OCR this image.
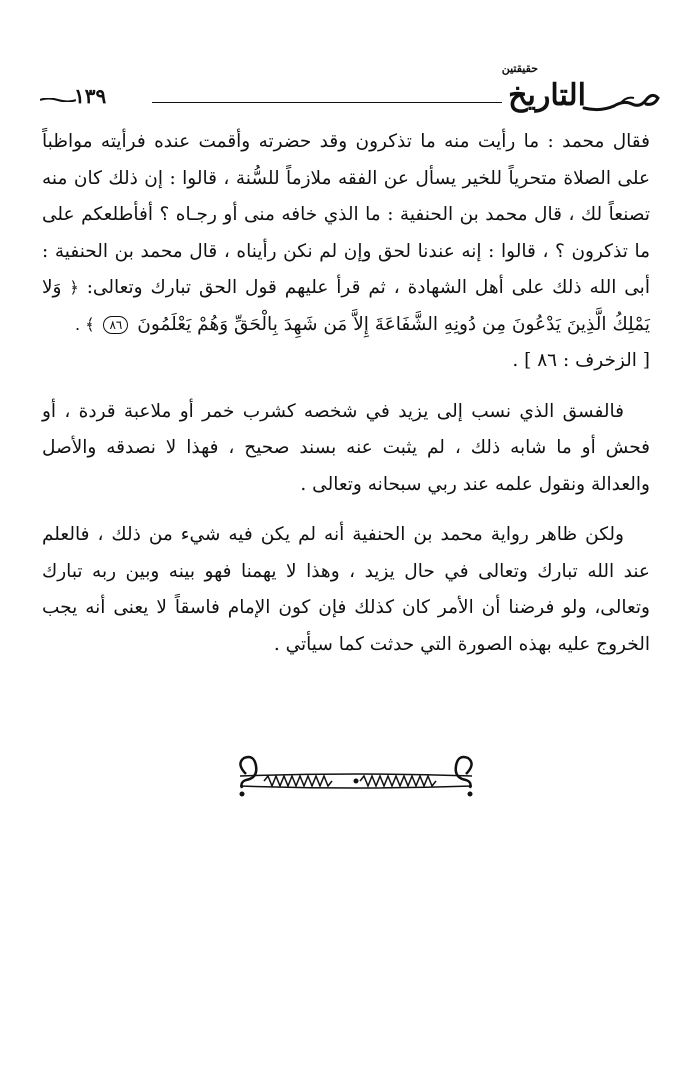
١٣٩
حقيقتين
التاريخ

فقال محمد : ما رأيت منه ما تذكرون وقد حضرته وأقمت عنده فرأيته مواظباً على الصلاة متحرياً للخير يسأل عن الفقه ملازماً للسُّنة ، قالوا : إن ذلك كان منه تصنعاً لك ، قال محمد بن الحنفية : ما الذي خافه منى أو رجـاه ؟ أفأطلعكم على ما تذكرون ؟ ، قالوا : إنه عندنا لحق وإن لم نكن رأيناه ، قال محمد بن الحنفية : أبى الله ذلك على أهل الشهادة ، ثم قرأ عليهم قول الحق تبارك وتعالى: ﴿ وَلا يَمْلِكُ الَّذِينَ يَدْعُونَ مِن دُونِهِ الشَّفَاعَةَ إِلاَّ مَن شَهِدَ بِالْحَقِّ وَهُمْ يَعْلَمُونَ ٨٦ ﴾ .

[ الزخرف : ٨٦ ] .

فالفسق الذي نسب إلى يزيد في شخصه كشرب خمر أو ملاعبة قردة ، أو فحش أو ما شابه ذلك ، لم يثبت عنه بسند صحيح ، فهذا لا نصدقه والأصل والعدالة ونقول علمه عند ربي سبحانه وتعالى .

ولكن ظاهر رواية محمد بن الحنفية أنه لم يكن فيه شيء من ذلك ، فالعلم عند الله تبارك وتعالى في حال يزيد ، وهذا لا يهمنا فهو بينه وبين ربه تبارك وتعالى، ولو فرضنا أن الأمر كان كذلك فإن كون الإمام فاسقاً لا يعنى أنه يجب الخروج عليه بهذه الصورة التي حدثت كما سيأتي .
